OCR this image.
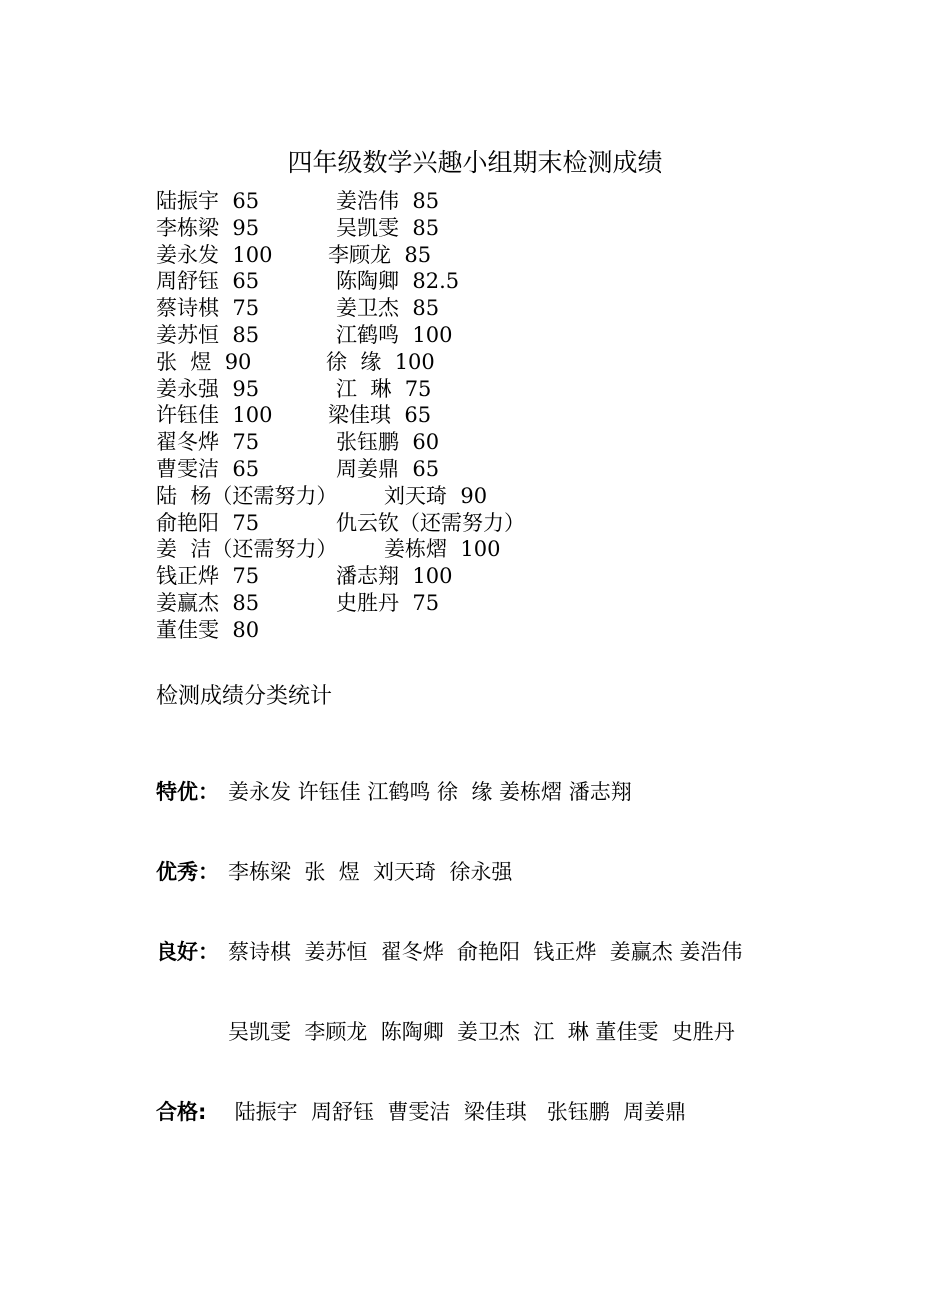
四年级数学兴趣小组期末检测成绩
陆振宇  65	姜浩伟  85
李栋梁  95	吴凯雯  85
姜永发  100	李顾龙  85
周舒钰  65	陈陶卿  82.5
蔡诗棋  75	姜卫杰  85
姜苏恒  85	江鹤鸣  100
张  煜  90	徐  缘  100
姜永强  95	江  琳  75
许钰佳  100	梁佳琪  65
翟冬烨  75	张钰鹏  60
曹雯洁  65	周姜鼎  65
陆  杨（还需努力） 刘天琦  90
俞艳阳  75	仇云钦（还需努力）
姜  洁（还需努力） 姜栋熠  100
钱正烨  75	潘志翔  100
姜赢杰  85	史胜丹  75
董佳雯  80
检测成绩分类统计
特优： 姜永发 许钰佳 江鹤鸣 徐  缘 姜栋熠 潘志翔
优秀： 李栋梁  张  煜  刘天琦  徐永强
良好： 蔡诗棋  姜苏恒  翟冬烨  俞艳阳  钱正烨  姜赢杰 姜浩伟
吴凯雯  李顾龙  陈陶卿  姜卫杰  江  琳 董佳雯  史胜丹
合格: 陆振宇  周舒钰  曹雯洁  梁佳琪   张钰鹏  周姜鼎
